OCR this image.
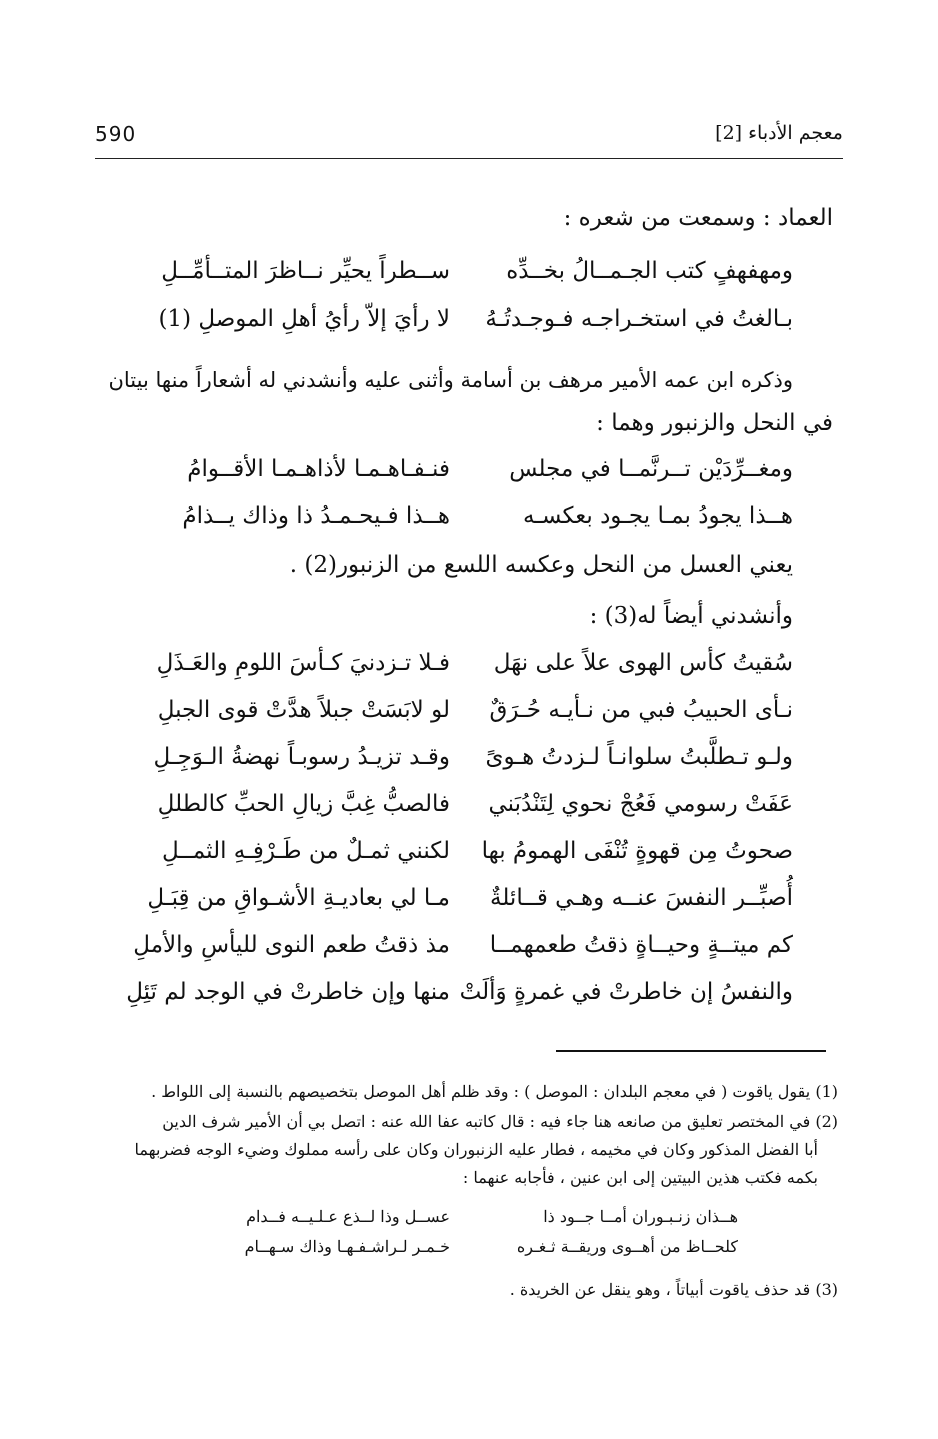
590	معجم الأدباء [2]
العماد : وسمعت من شعره :
ومهفهفٍ كتب الجـمــالُ بخــدِّه
ســطراً يحيِّر نــاظرَ المتــأمِّــلِ
بـالغتُ في استخـراجـه فـوجـدتُـهُ
لا رأيَ إلاّ رأيُ أهلِ الموصلِ (1)
وذكره ابن عمه الأمير مرهف بن أسامة وأثنى عليه وأنشدني له أشعاراً منها بيتان
في النحل والزنبور وهما :
ومغــرِّدَيْن تــرنَّمــا في مجلس
فنـفـاهـمـا لأذاهـمـا الأقــوامُ
هــذا يجودُ بمـا يجـود بعكسـه
هــذا فـيحـمـدُ ذا وذاك يــذامُ
يعني العسل من النحل وعكسه اللسع من الزنبور(2) .
وأنشدني أيضاً له(3) :
سُقيتُ كأس الهوى علاً على نهَل
فـلا تـزدنيَ كـأسَ اللومِ والعَـذَلِ
نـأى الحبيبُ فبي من نـأيـه حُـرَقٌ
لو لابَسَتْ جبلاً هدَّتْ قوى الجبلِ
ولـو تـطلَّبتُ سلوانـاً لـزدتُ هـوىً
وقـد تزيـدُ رسوبـاً نهضةُ الـوَجِـلِ
عَفَتْ رسومي فَعُجْ نحوي لِتَنْدُبَني
فالصبُّ غِبَّ زيالِ الحبِّ كالطللِ
صحوتُ مِن قهوةٍ تُنْفَى الهمومُ بها
لكنني ثمـلٌ من طَـرْفِـهِ الثمــلِ
أُصبِّــر النفسَ عنــه وهـي قــائلةٌ
مـا لي بعاديـةِ الأشـواقِ من قِبَـلِ
كم ميتــةٍ وحيــاةٍ ذقتُ طعمهمــا
مذ ذقتُ طعم النوى لليأسِ والأملِ
والنفسُ إن خاطرتْ في غمرةٍ وَألَتْ
منها وإن خاطرتْ في الوجد لم تَئِلِ
(1) يقول ياقوت ( في معجم البلدان : الموصل ) : وقد ظلم أهل الموصل بتخصيصهم بالنسبة إلى اللواط .
(2) في المختصر تعليق من صانعه هنا جاء فيه : قال كاتبه عفا الله عنه : اتصل بي أن الأمير شرف الدين
أبا الفضل المذكور وكان في مخيمه ، فطار عليه الزنبوران وكان على رأسه مملوك وضيء الوجه فضربهما
بكمه فكتب هذين البيتين إلى ابن عنين ، فأجابه عنهما :
هــذان زنـبـوران أمــا جــود ذا
عســل وذا لــذع عـلـيــه فــدام
كلحــاظ من أهــوى وريقــة ثـغـره
خـمـر لـراشـفـهـا وذاك سـهــام
(3) قد حذف ياقوت أبياتاً ، وهو ينقل عن الخريدة .
